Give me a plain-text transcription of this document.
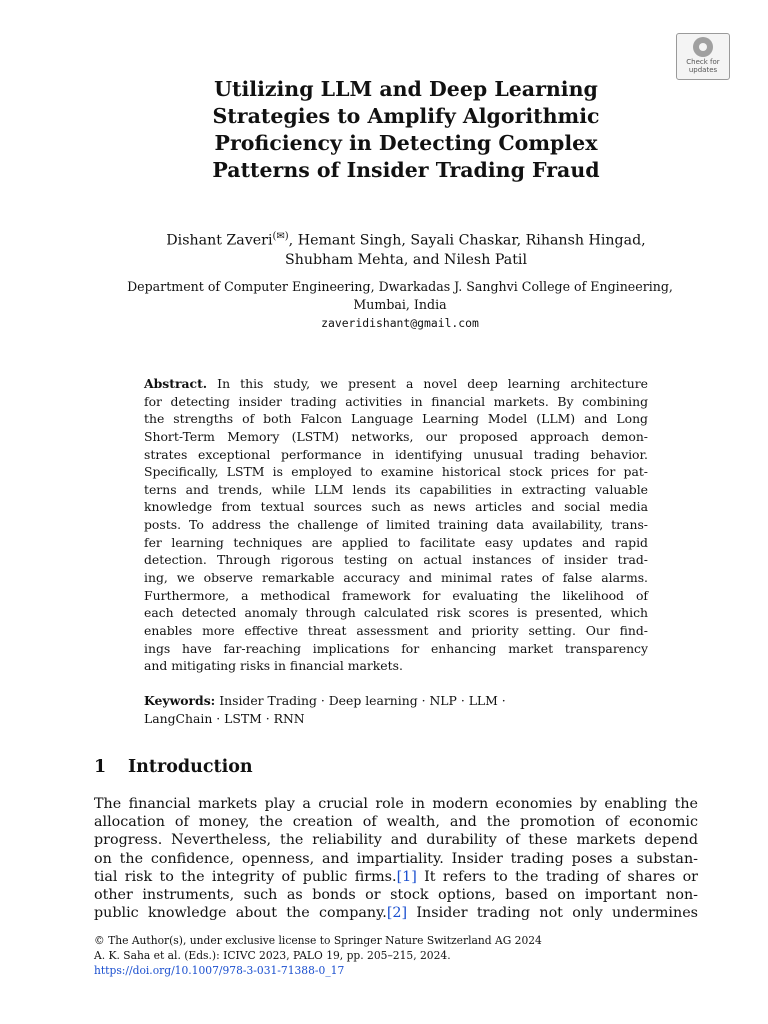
Check for
updates
Utilizing LLM and Deep Learning
Strategies to Amplify Algorithmic
Proficiency in Detecting Complex
Patterns of Insider Trading Fraud
Dishant Zaveri(✉), Hemant Singh, Sayali Chaskar, Rihansh Hingad,
Shubham Mehta, and Nilesh Patil
Department of Computer Engineering, Dwarkadas J. Sanghvi College of Engineering,
Mumbai, India
zaveridishant@gmail.com
Abstract. In this study, we present a novel deep learning architecture
for detecting insider trading activities in financial markets. By combining
the strengths of both Falcon Language Learning Model (LLM) and Long
Short-Term Memory (LSTM) networks, our proposed approach demon-
strates exceptional performance in identifying unusual trading behavior.
Specifically, LSTM is employed to examine historical stock prices for pat-
terns and trends, while LLM lends its capabilities in extracting valuable
knowledge from textual sources such as news articles and social media
posts. To address the challenge of limited training data availability, trans-
fer learning techniques are applied to facilitate easy updates and rapid
detection. Through rigorous testing on actual instances of insider trad-
ing, we observe remarkable accuracy and minimal rates of false alarms.
Furthermore, a methodical framework for evaluating the likelihood of
each detected anomaly through calculated risk scores is presented, which
enables more effective threat assessment and priority setting. Our find-
ings have far-reaching implications for enhancing market transparency
and mitigating risks in financial markets.
Keywords: Insider Trading · Deep learning · NLP · LLM ·
LangChain · LSTM · RNN
1 Introduction
The financial markets play a crucial role in modern economies by enabling the
allocation of money, the creation of wealth, and the promotion of economic
progress. Nevertheless, the reliability and durability of these markets depend
on the confidence, openness, and impartiality. Insider trading poses a substan-
tial risk to the integrity of public firms.[1] It refers to the trading of shares or
other instruments, such as bonds or stock options, based on important non-
public knowledge about the company.[2] Insider trading not only undermines
© The Author(s), under exclusive license to Springer Nature Switzerland AG 2024
A. K. Saha et al. (Eds.): ICIVC 2023, PALO 19, pp. 205–215, 2024.
https://doi.org/10.1007/978-3-031-71388-0_17
